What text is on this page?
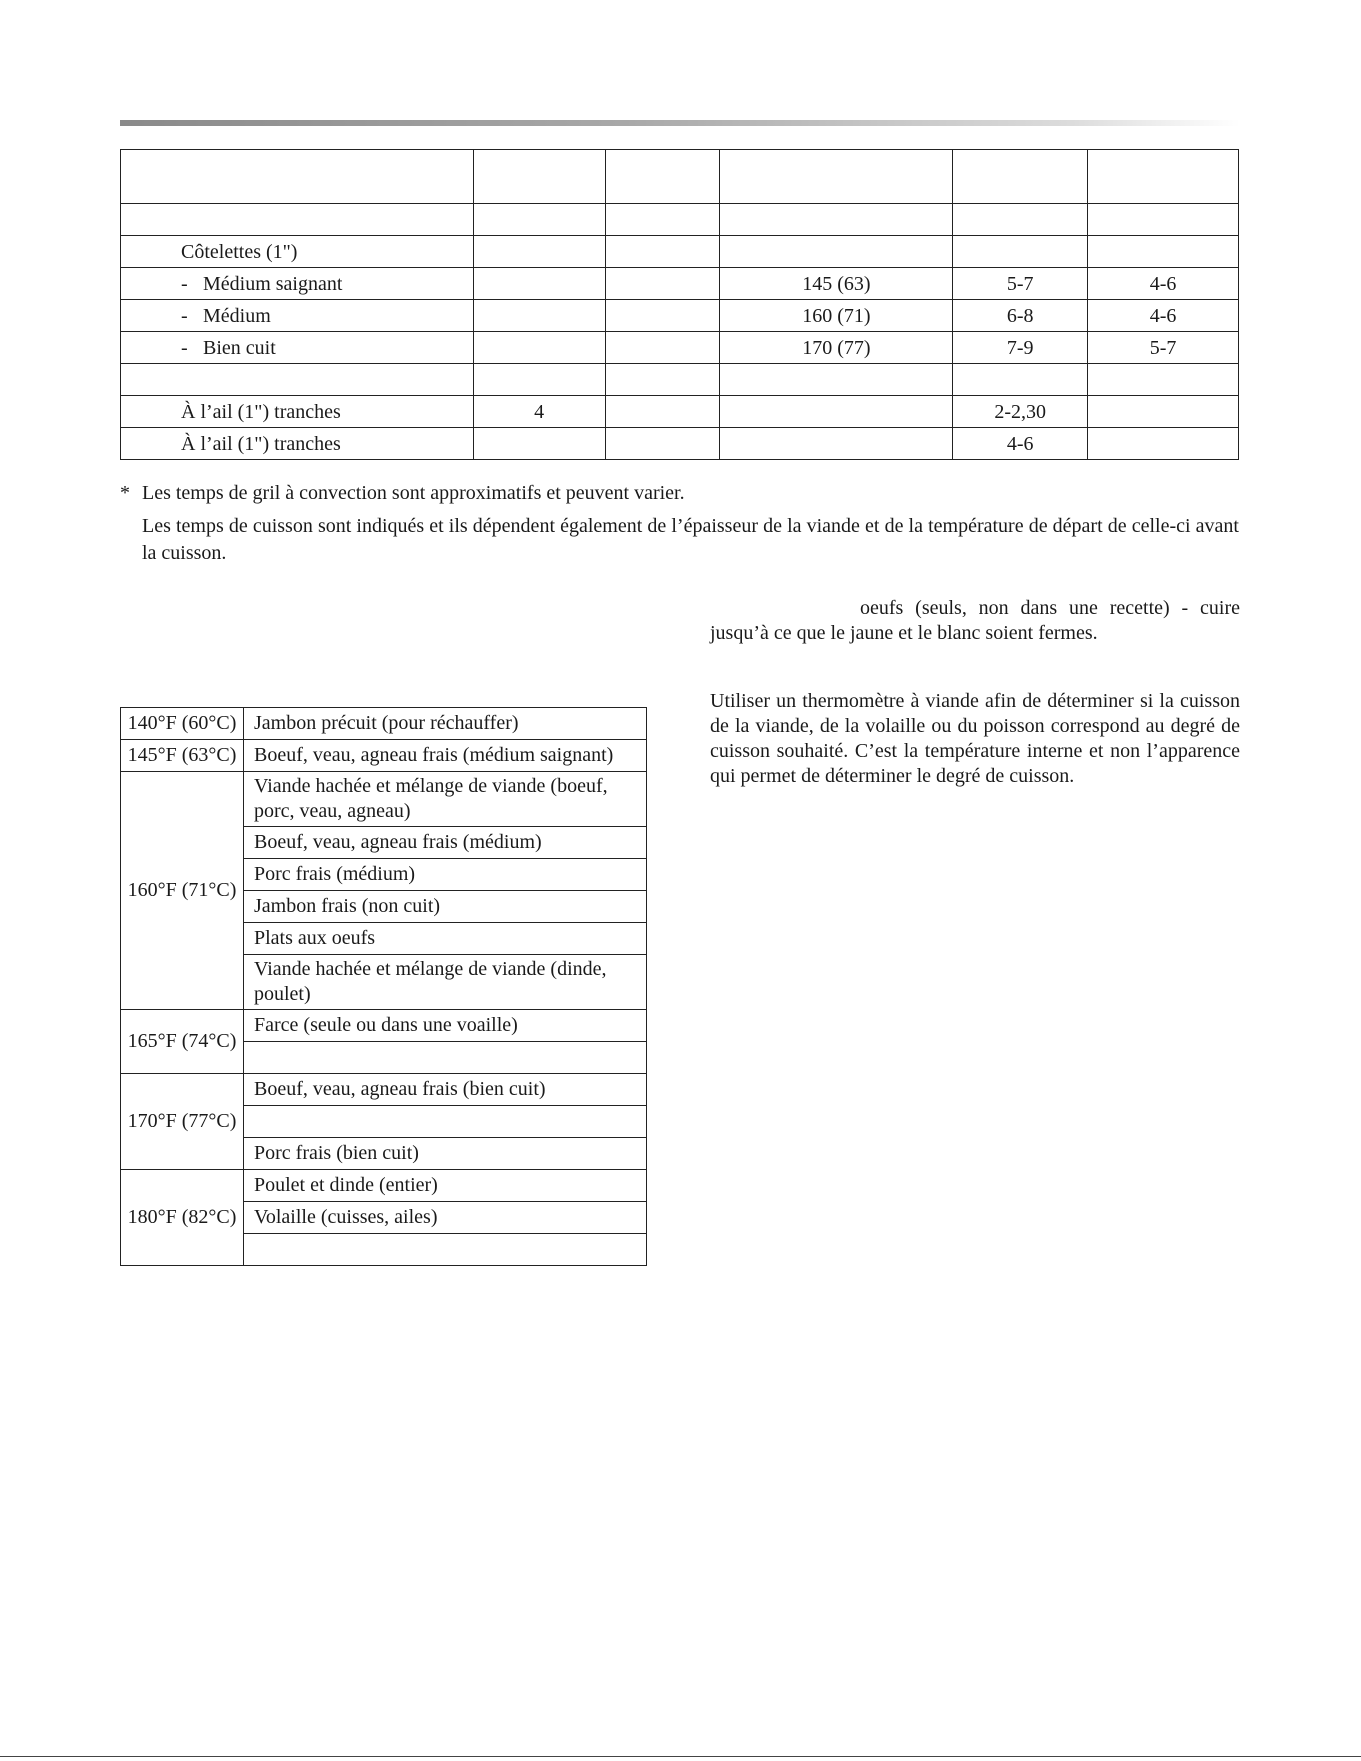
Côtelettes (1")					
- Médium saignant			145 (63)	5-7	4-6
- Médium			160 (71)	6-8	4-6
- Bien cuit			170 (77)	7-9	5-7

À l’ail (1") tranches	4			2-2,30	
À l’ail (1") tranches				4-6	
* Les temps de gril à convection sont approximatifs et peuvent varier.
Les temps de cuisson sont indiqués et ils dépendent également de l’épaisseur de la viande et de la température de départ de celle-ci avant la cuisson.
140°F (60°C)	Jambon précuit (pour réchauffer)
145°F (63°C)	Boeuf, veau, agneau frais (médium saignant)
160°F (71°C)	Viande hachée et mélange de viande (boeuf, porc, veau, agneau)
	Boeuf, veau, agneau frais (médium)
	Porc frais (médium)
	Jambon frais (non cuit)
	Plats aux oeufs
	Viande hachée et mélange de viande (dinde, poulet)
165°F (74°C)	Farce (seule ou dans une voaille)

170°F (77°C)	Boeuf, veau, agneau frais (bien cuit)

	Porc frais (bien cuit)
180°F (82°C)	Poulet et dinde (entier)
	Volaille (cuisses, ailes)

oeufs (seuls, non dans une recette) - cuire jusqu’à ce que le jaune et le blanc soient fermes.
Utiliser un thermomètre à viande afin de déterminer si la cuisson de la viande, de la volaille ou du poisson correspond au degré de cuisson souhaité. C’est la température interne et non l’apparence qui permet de déterminer le degré de cuisson.
